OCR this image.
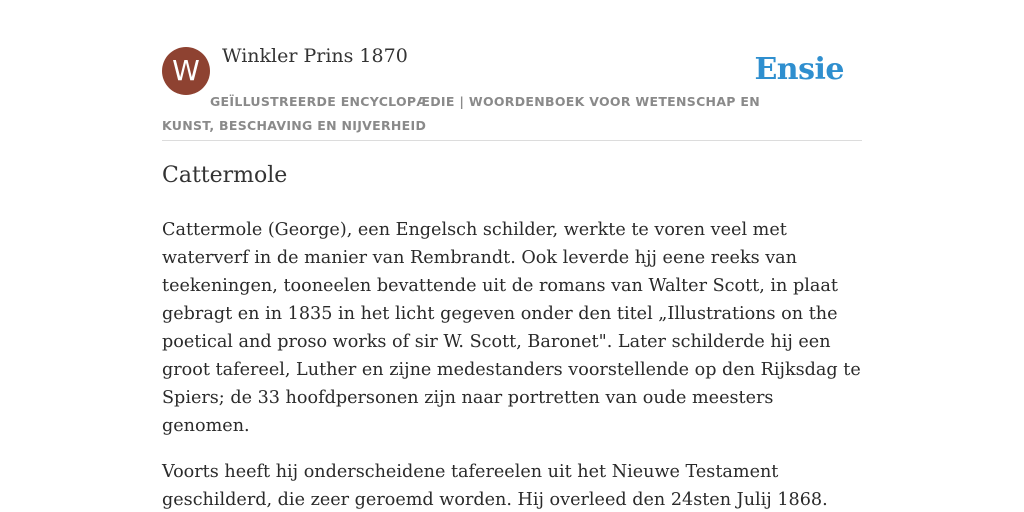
W	Winkler Prins 1870	Ensie
GEÏLLUSTREERDE ENCYCLOPÆDIE | WOORDENBOEK VOOR WETENSCHAP EN KUNST, BESCHAVING EN NIJVERHEID
Cattermole

Cattermole (George), een Engelsch schilder, werkte te voren veel met waterverf in de manier van Rembrandt. Ook leverde hjj eene reeks van teekeningen, tooneelen bevattende uit de romans van Walter Scott, in plaat gebragt en in 1835 in het licht gegeven onder den titel „Illustrations on the poetical and proso works of sir W. Scott, Baronet". Later schilderde hij een groot tafereel, Luther en zijne medestanders voorstellende op den Rijksdag te Spiers; de 33 hoofdpersonen zijn naar portretten van oude meesters genomen.

Voorts heeft hij onderscheidene tafereelen uit het Nieuwe Testament geschilderd, die zeer geroemd worden. Hij overleed den 24sten Julij 1868.
